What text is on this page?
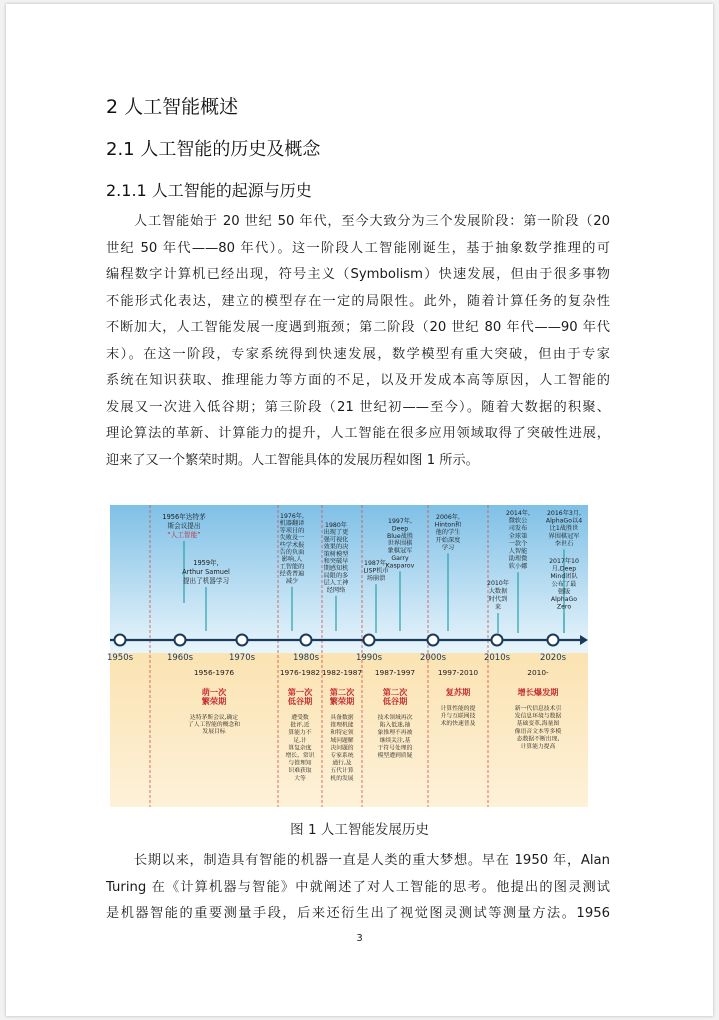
2 人工智能概述
2.1 人工智能的历史及概念
2.1.1 人工智能的起源与历史
　　人工智能始于 20 世纪 50 年代，至今大致分为三个发展阶段：第一阶段（20
世纪 50 年代——80 年代）。这一阶段人工智能刚诞生，基于抽象数学推理的可
编程数字计算机已经出现，符号主义（Symbolism）快速发展，但由于很多事物
不能形式化表达，建立的模型存在一定的局限性。此外，随着计算任务的复杂性
不断加大，人工智能发展一度遇到瓶颈；第二阶段（20 世纪 80 年代——90 年代
末）。在这一阶段，专家系统得到快速发展，数学模型有重大突破，但由于专家
系统在知识获取、推理能力等方面的不足，以及开发成本高等原因，人工智能的
发展又一次进入低谷期；第三阶段（21 世纪初——至今）。随着大数据的积聚、
理论算法的革新、计算能力的提升，人工智能在很多应用领域取得了突破性进展，
迎来了又一个繁荣时期。人工智能具体的发展历程如图 1 所示。
1956年达特茅
斯会议提出
“人工智能”
1959年,
Arthur Samuel
提出了机器学习
1976年,
机器翻译
等项目的
失败及一
些学术报
告的负面
影响,人
工智能的
经费普遍
减少
1980年
出现了更
强可视化
效果的决
策树模型
和突破早
期感知机
局限的多
层人工神
经网络
1997年,
Deep
Blue战胜
世界围棋
象棋冠军
Garry
Kasparov
1987年,
LISP机市
场崩溃
2006年,
Hinton和
他的学生
开始深度
学习
2010年
大数据
时代到
来
2014年,
微软公
司发布
全球第
一款个
人智能
助理微
软小娜
2016年3月,
AlphaGo以4
比1战胜世
界围棋冠军
李世石
2017年10
月,Deep
Mind团队
公布了最
强版
AlphaGo
Zero
1950s	1960s	1970s	1980s	1990s	2000s	2010s	2020s
1956-1976
萌一次
繁荣期
达特茅斯会议,确定
了人工智能的概念和
发展目标
1976-1982
第一次
低谷期
遭受数
批评,近
算能力不
足,计
算复杂度
增长、常识
与推理知
识难获取
大等
1982-1987
第二次
繁荣期
具备数据
推理机能
和特定领
域问题解
决问题的
专家系统
通行,及
五代计算
机的发展
1987-1997
第二次
低谷期
技术领域再次
陷入低迷,抽
象推理不再被
继续关注,基
于符号处理的
模型遭到质疑
1997-2010
复苏期
计算性能的提
升与互联网技
术的快速普及
2010-
增长爆发期
新一代信息技术引
发信息环境与数据
基础变革,海量图
像语音文本等多模
态数据不断出现,
计算能力提高
图 1 人工智能发展历史
　　长期以来，制造具有智能的机器一直是人类的重大梦想。早在 1950 年，Alan
Turing 在《计算机器与智能》中就阐述了对人工智能的思考。他提出的图灵测试
是机器智能的重要测量手段，后来还衍生出了视觉图灵测试等测量方法。1956
3
